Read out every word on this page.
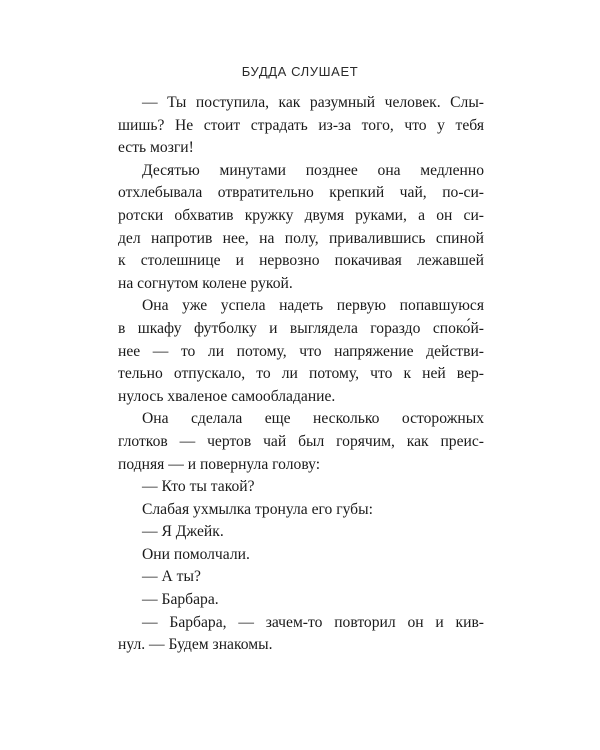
БУДДА СЛУШАЕТ
— Ты поступила, как разумный человек. Слы-
шишь? Не стоит страдать из-за того, что у тебя
есть мозги!
Десятью минутами позднее она медленно
отхлебывала отвратительно крепкий чай, по-си-
ротски обхватив кружку двумя руками, а он си-
дел напротив нее, на полу, привалившись спиной
к столешнице и нервозно покачивая лежавшей
на согнутом колене рукой.
Она уже успела надеть первую попавшуюся
в шкафу футболку и выглядела гораздо споко́й-
нее — то ли потому, что напряжение действи-
тельно отпускало, то ли потому, что к ней вер-
нулось хваленое самообладание.
Она сделала еще несколько осторожных
глотков — чертов чай был горячим, как преис-
подняя — и повернула голову:
— Кто ты такой?
Слабая ухмылка тронула его губы:
— Я Джейк.
Они помолчали.
— А ты?
— Барбара.
— Барбара, — зачем-то повторил он и кив-
нул. — Будем знакомы.
